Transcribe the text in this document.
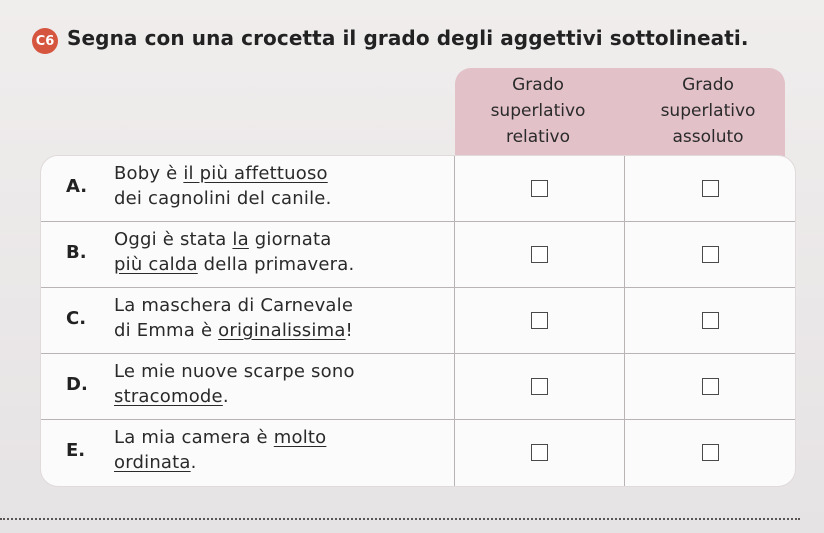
C6 Segna con una crocetta il grado degli aggettivi sottolineati.
Grado
superlativo
relativo
Grado
superlativo
assoluto
A.
Boby è il più affettuoso
dei cagnolini del canile.
B.
Oggi è stata la giornata
più calda della primavera.
C.
La maschera di Carnevale
di Emma è originalissima!
D.
Le mie nuove scarpe sono
stracomode.
E.
La mia camera è molto
ordinata.
